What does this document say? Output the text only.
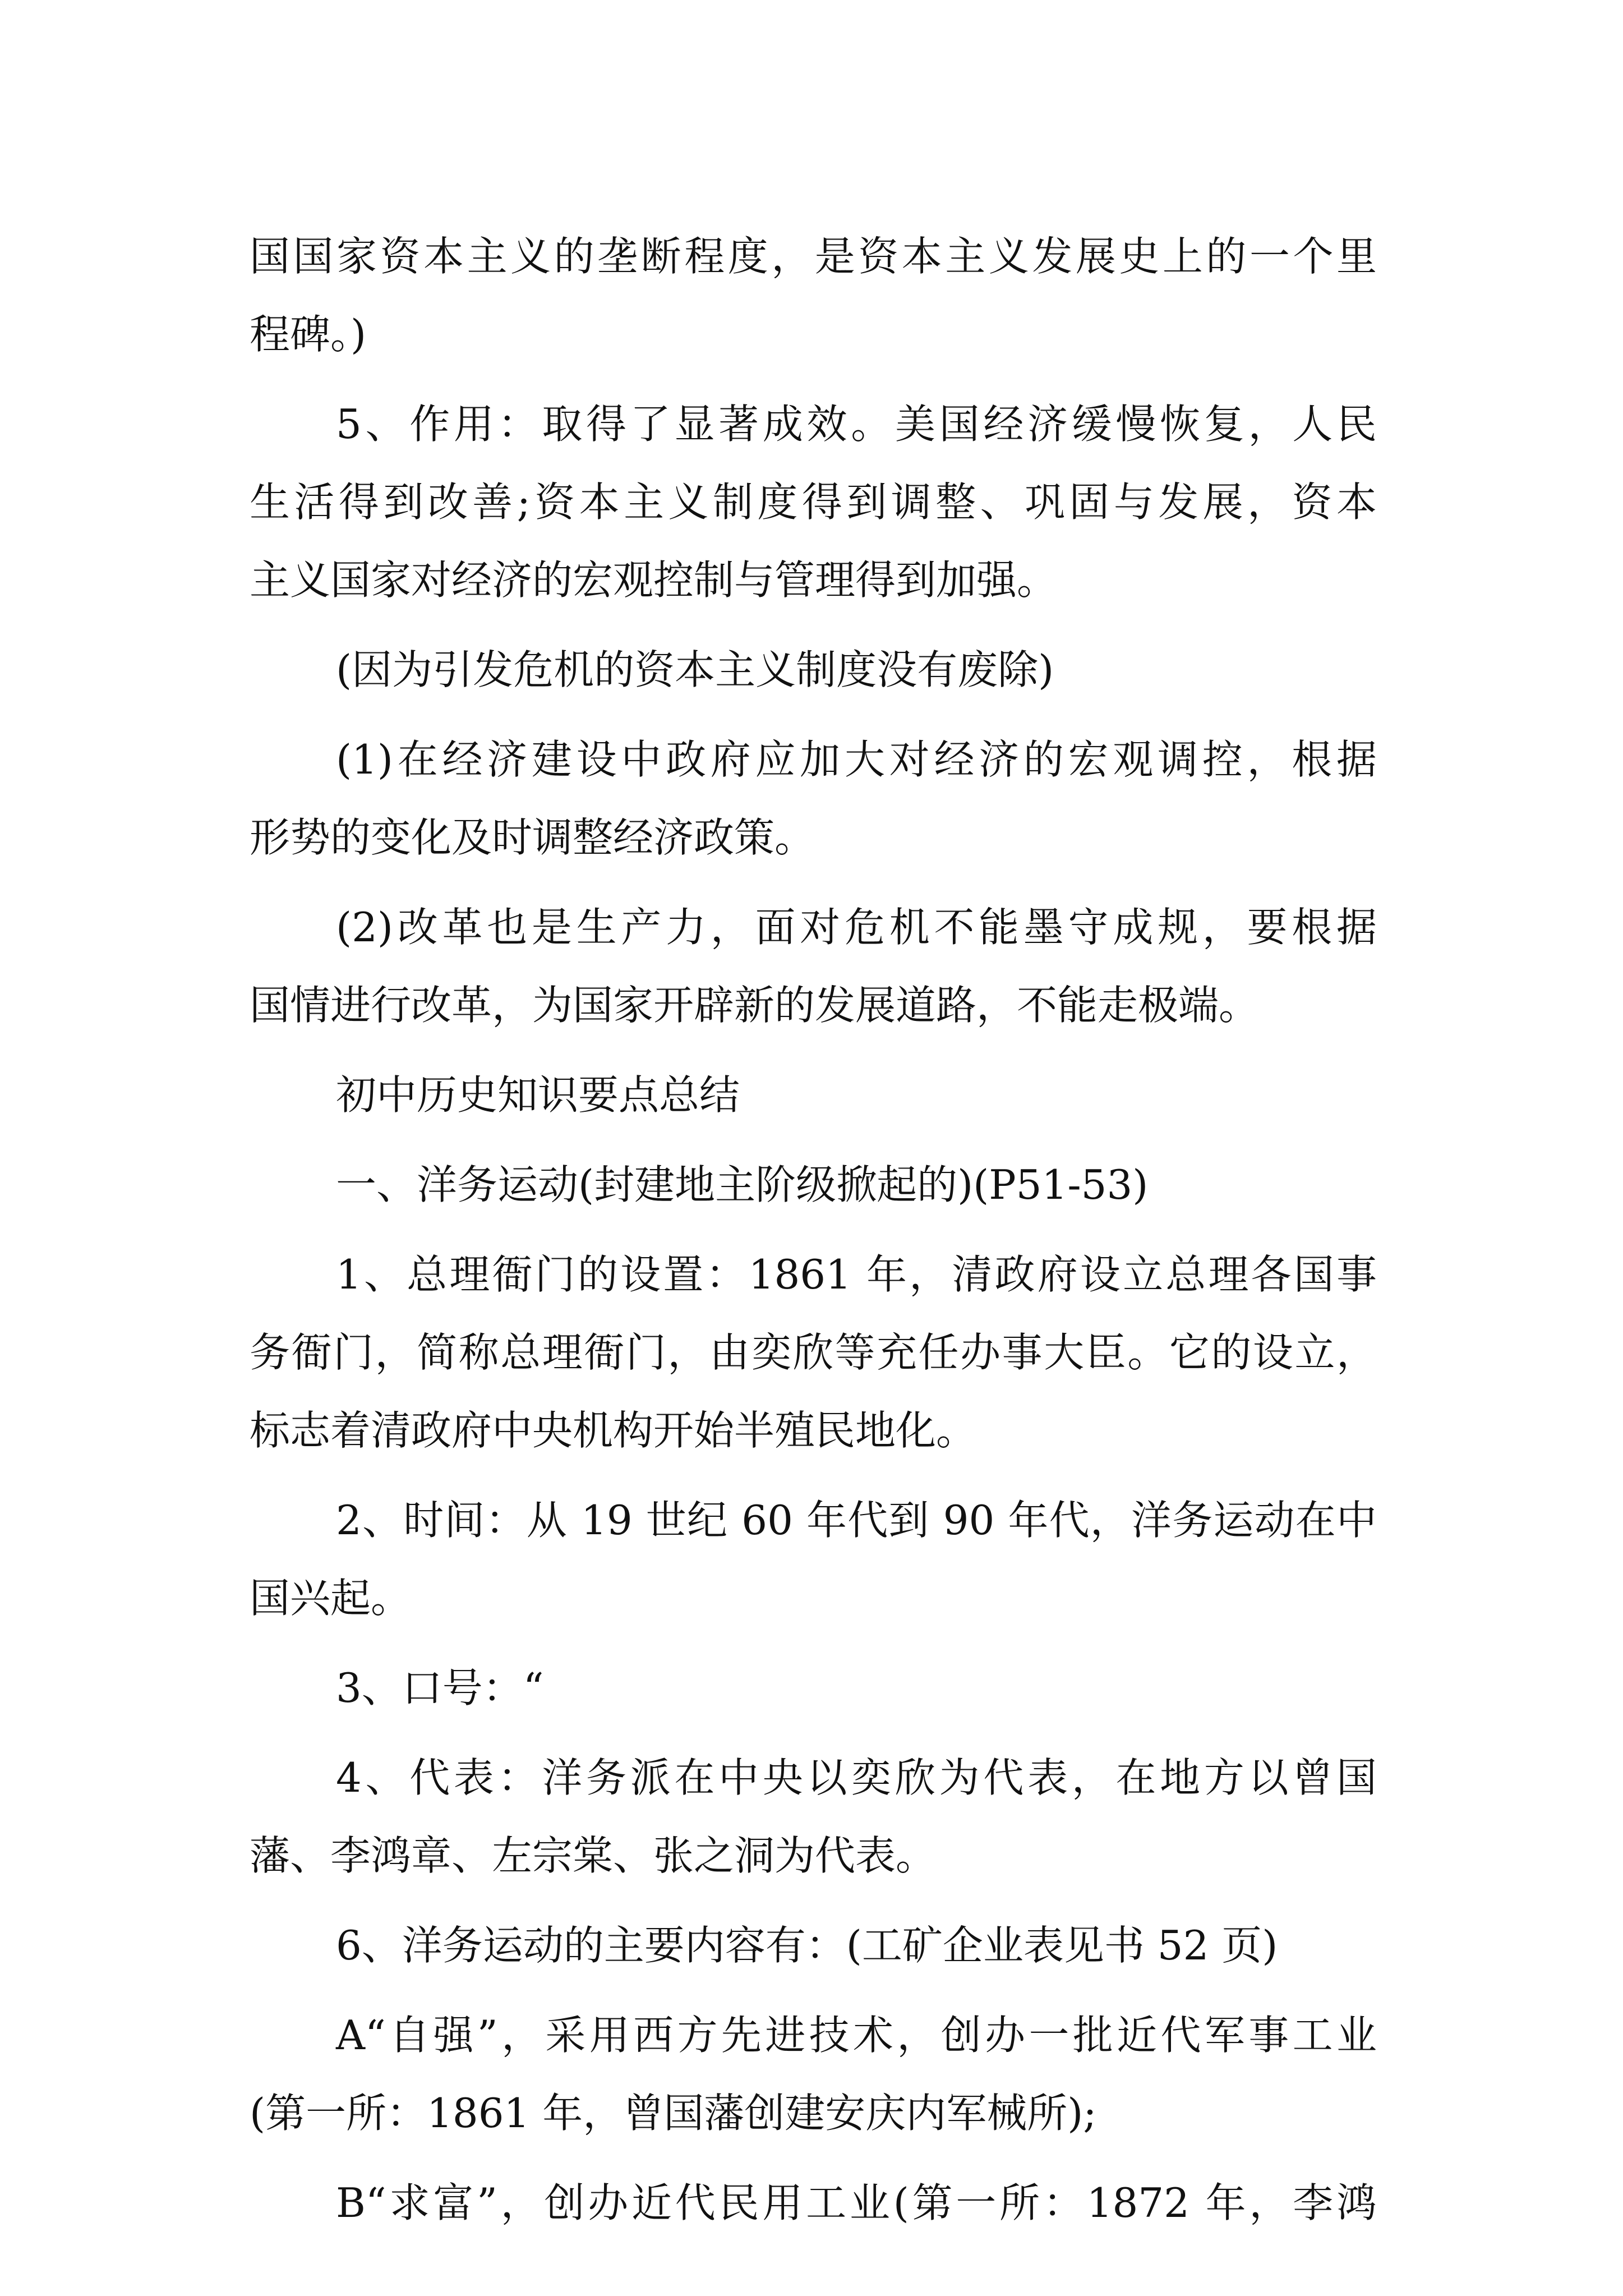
国国家资本主义的垄断程度，是资本主义发展史上的一个里
程碑。)
5、作用：取得了显著成效。美国经济缓慢恢复，人民
生活得到改善;资本主义制度得到调整、巩固与发展，资本
主义国家对经济的宏观控制与管理得到加强。
(因为引发危机的资本主义制度没有废除)
(1)在经济建设中政府应加大对经济的宏观调控，根据
形势的变化及时调整经济政策。
(2)改革也是生产力，面对危机不能墨守成规，要根据
国情进行改革，为国家开辟新的发展道路，不能走极端。
初中历史知识要点总结
一、洋务运动(封建地主阶级掀起的)(P51-53)
1、总理衙门的设置：1861 年，清政府设立总理各国事
务衙门，简称总理衙门，由奕欣等充任办事大臣。它的设立，
标志着清政府中央机构开始半殖民地化。
2、时间：从 19 世纪 60 年代到 90 年代，洋务运动在中
国兴起。
3、口号：“
4、代表：洋务派在中央以奕欣为代表，在地方以曾国
藩、李鸿章、左宗棠、张之洞为代表。
6、洋务运动的主要内容有：(工矿企业表见书 52 页)
A“自强”，采用西方先进技术，创办一批近代军事工业
(第一所：1861 年，曾国藩创建安庆内军械所);
B“求富”，创办近代民用工业(第一所：1872 年，李鸿
